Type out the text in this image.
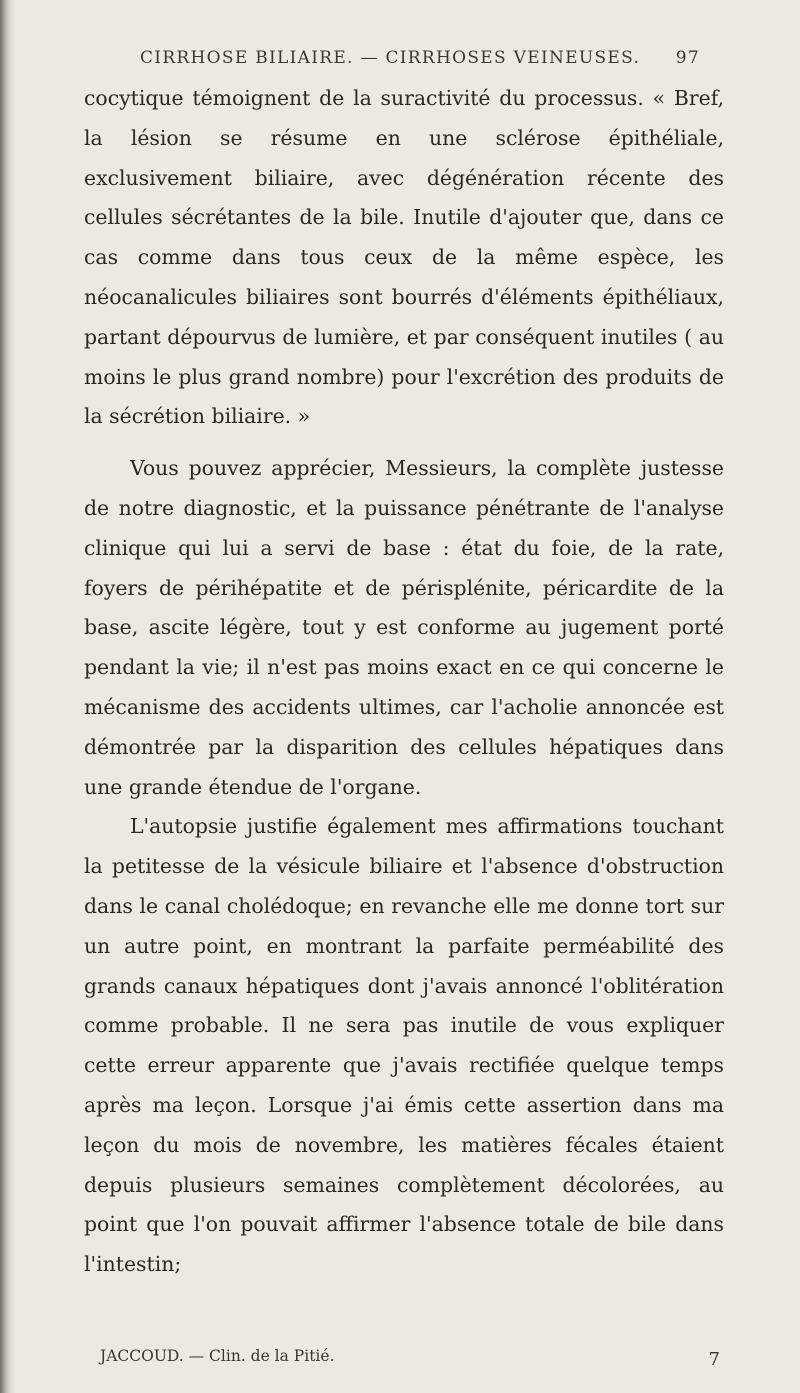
CIRRHOSE BILIAIRE. — CIRRHOSES VEINEUSES. 97

cocytique témoignent de la suractivité du processus. « Bref, la lésion se résume en une sclérose épithéliale, exclusivement biliaire, avec dégénération récente des cellules sécrétantes de la bile. Inutile d'ajouter que, dans ce cas comme dans tous ceux de la même espèce, les néocanalicules biliaires sont bourrés d'éléments épithéliaux, partant dépourvus de lumière, et par conséquent inutiles ( au moins le plus grand nombre) pour l'excrétion des produits de la sécrétion biliaire. »

Vous pouvez apprécier, Messieurs, la complète justesse de notre diagnostic, et la puissance pénétrante de l'analyse clinique qui lui a servi de base : état du foie, de la rate, foyers de périhépatite et de périsplénite, péricardite de la base, ascite légère, tout y est conforme au jugement porté pendant la vie; il n'est pas moins exact en ce qui concerne le mécanisme des accidents ultimes, car l'acholie annoncée est démontrée par la disparition des cellules hépatiques dans une grande étendue de l'organe.

L'autopsie justifie également mes affirmations touchant la petitesse de la vésicule biliaire et l'absence d'obstruction dans le canal cholédoque; en revanche elle me donne tort sur un autre point, en montrant la parfaite perméabilité des grands canaux hépatiques dont j'avais annoncé l'oblitération comme probable. Il ne sera pas inutile de vous expliquer cette erreur apparente que j'avais rectifiée quelque temps après ma leçon. Lorsque j'ai émis cette assertion dans ma leçon du mois de novembre, les matières fécales étaient depuis plusieurs semaines complètement décolorées, au point que l'on pouvait affirmer l'absence totale de bile dans l'intestin;

JACCOUD. — Clin. de la Pitié.	7
